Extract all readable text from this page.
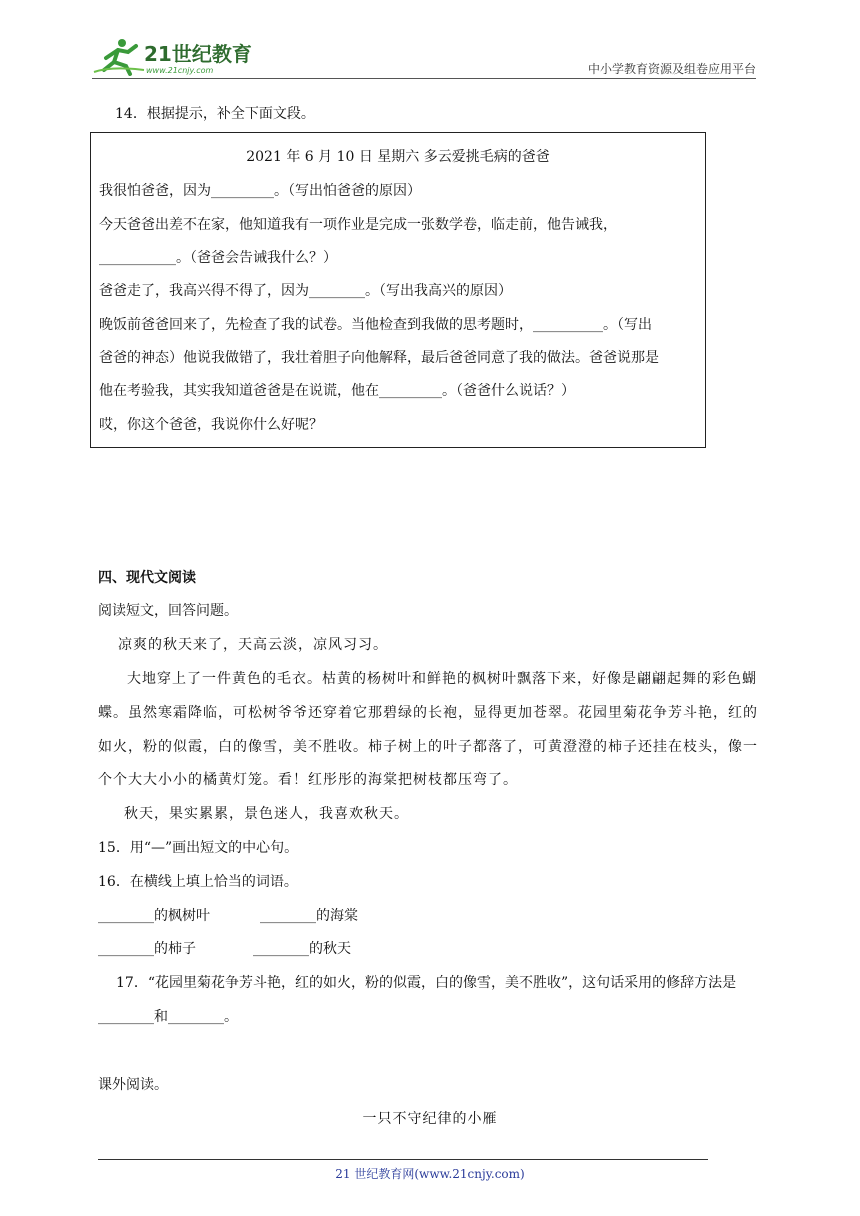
21世纪教育
www.21cnjy.com	中小学教育资源及组卷应用平台
14．根据提示，补全下面文段。
2021 年 6 月 10 日 星期六 多云爱挑毛病的爸爸
我很怕爸爸，因为_________。（写出怕爸爸的原因）
今天爸爸出差不在家，他知道我有一项作业是完成一张数学卷，临走前，他告诫我，
___________。（爸爸会告诫我什么？）
爸爸走了，我高兴得不得了，因为________。（写出我高兴的原因）
晚饭前爸爸回来了，先检查了我的试卷。当他检查到我做的思考题时，__________。（写出
爸爸的神态）他说我做错了，我壮着胆子向他解释，最后爸爸同意了我的做法。爸爸说那是
他在考验我，其实我知道爸爸是在说谎，他在_________。（爸爸什么说话？）
哎，你这个爸爸，我说你什么好呢？
四、现代文阅读
阅读短文，回答问题。
凉爽的秋天来了，天高云淡，凉风习习。
大地穿上了一件黄色的毛衣。枯黄的杨树叶和鲜艳的枫树叶飘落下来，好像是翩翩起舞的彩色蝴
蝶。虽然寒霜降临，可松树爷爷还穿着它那碧绿的长袍，显得更加苍翠。花园里菊花争芳斗艳，红的
如火，粉的似霞，白的像雪，美不胜收。柿子树上的叶子都落了，可黄澄澄的柿子还挂在枝头，像一
个个大大小小的橘黄灯笼。看！红彤彤的海棠把树枝都压弯了。
秋天，果实累累，景色迷人，我喜欢秋天。
15．用“—”画出短文的中心句。
16．在横线上填上恰当的词语。
________的枫树叶	________的海棠
________的柿子	________的秋天
17．“花园里菊花争芳斗艳，红的如火，粉的似霞，白的像雪，美不胜收”，这句话采用的修辞方法是
________和________。
课外阅读。
一只不守纪律的小雁
21 世纪教育网(www.21cnjy.com)
